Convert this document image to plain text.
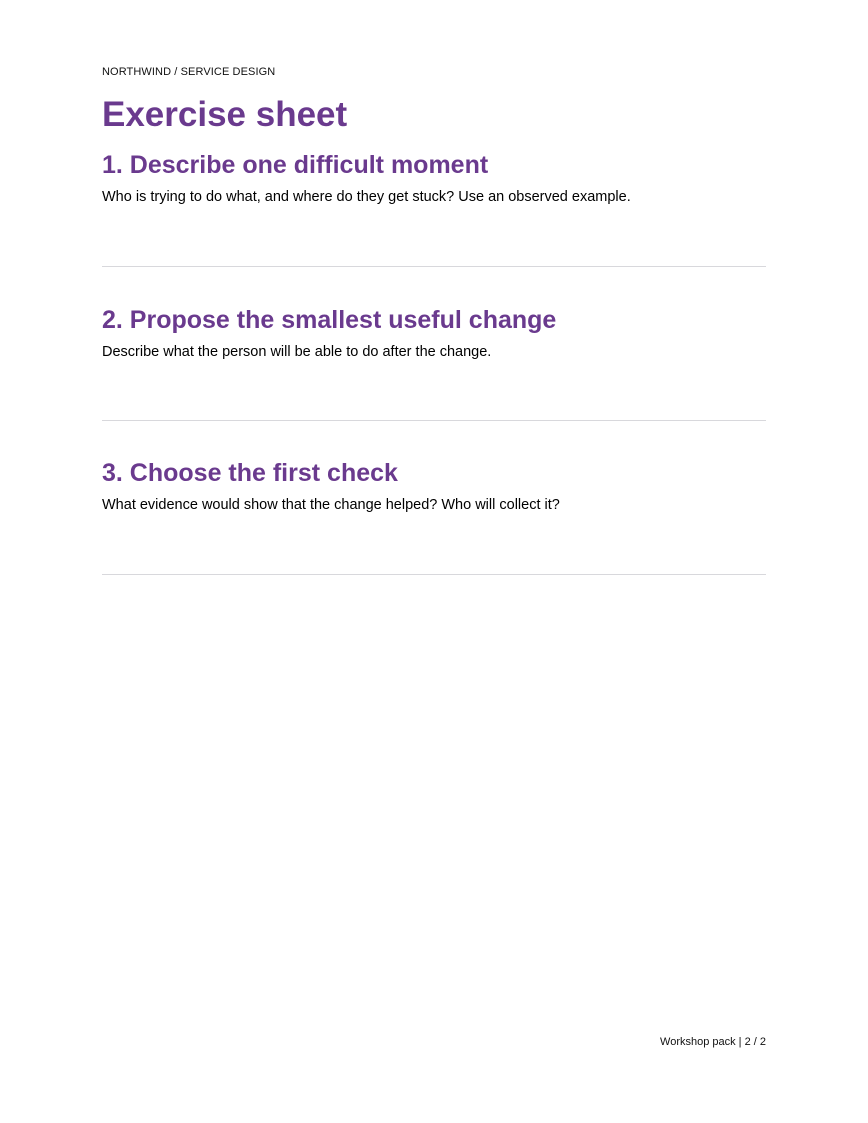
NORTHWIND / SERVICE DESIGN
Exercise sheet
1. Describe one difficult moment

Who is trying to do what, and where do they get stuck? Use an observed example.

2. Propose the smallest useful change

Describe what the person will be able to do after the change.

3. Choose the first check

What evidence would show that the change helped? Who will collect it?

Workshop pack | 2 / 2
